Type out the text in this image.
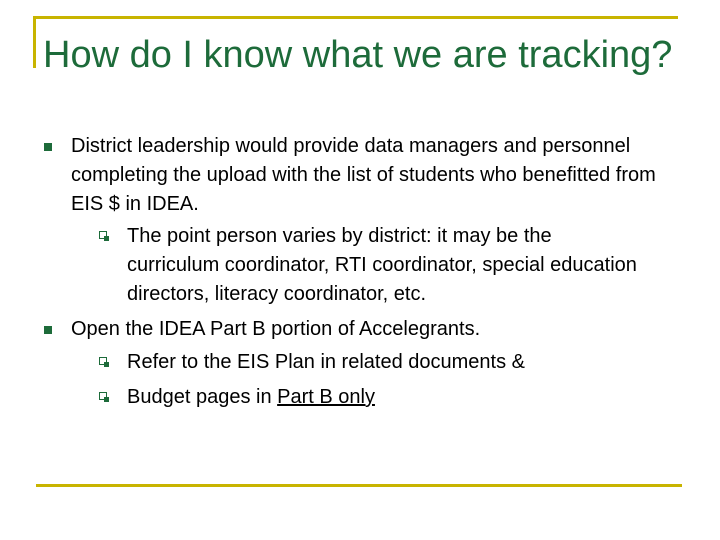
How do I know what we are tracking?
District leadership would provide data managers and personnel completing the upload with the list of students who benefitted from EIS $ in IDEA.
The point person varies by district: it may be the curriculum coordinator, RTI coordinator, special education directors, literacy coordinator, etc.
Open the IDEA Part B portion of Accelegrants.
Refer to the EIS Plan in related documents &
Budget pages in Part B only
